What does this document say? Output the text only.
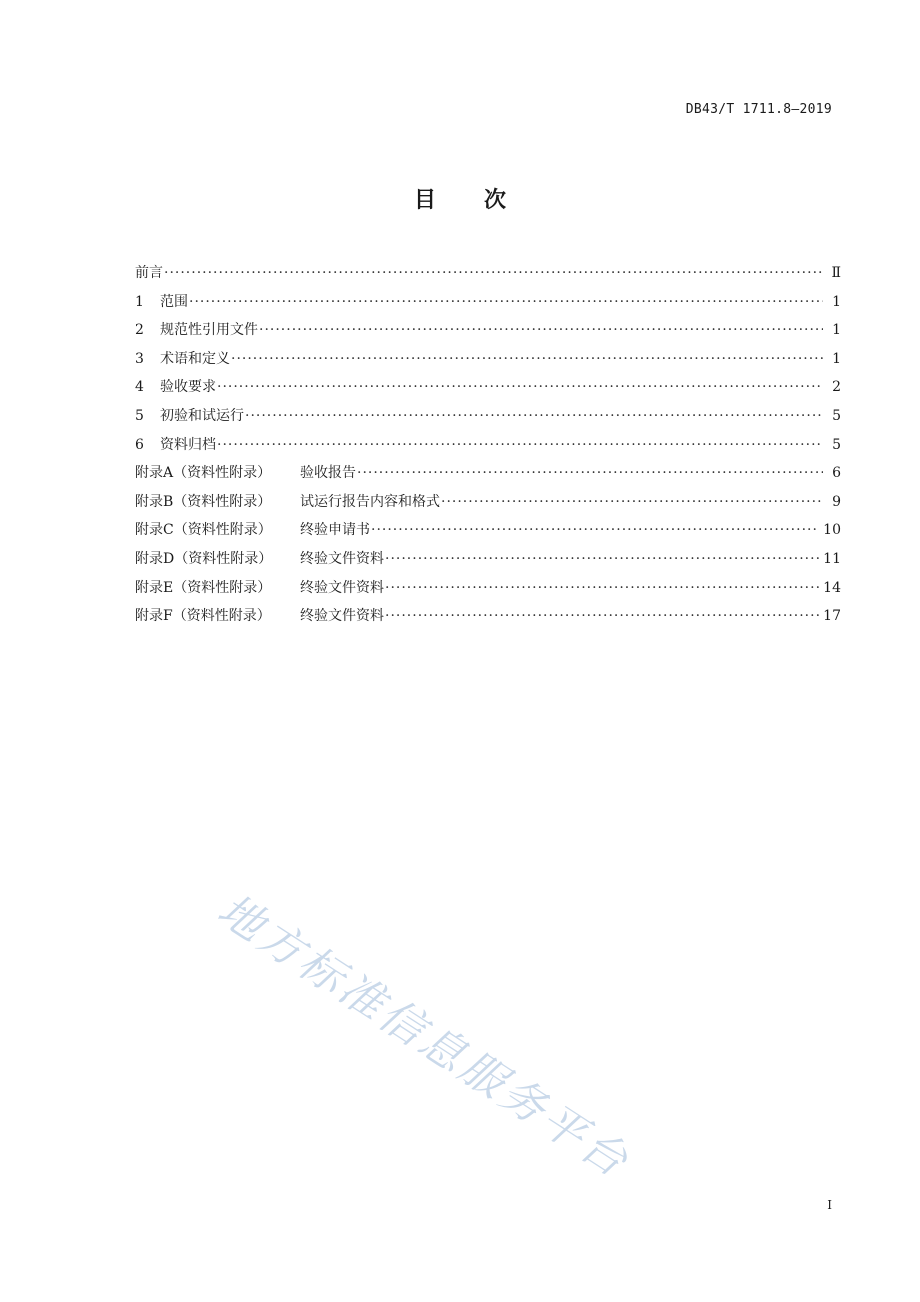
DB43/T 1711.8—2019
目 次
前言 ·····	Ⅱ
1	范围 ·····	1
2	规范性引用文件 ·····	1
3	术语和定义 ·····	1
4	验收要求 ·····	2
5	初验和试运行 ·····	5
6	资料归档 ·····	5
附录A（资料性附录）	验收报告 ·····	6
附录B（资料性附录）	试运行报告内容和格式 ·····	9
附录C（资料性附录）	终验申请书 ·····	10
附录D（资料性附录）	终验文件资料 ·····	11
附录E（资料性附录）	终验文件资料 ·····	14
附录F（资料性附录）	终验文件资料 ·····	17
地方标准信息服务平台
I
